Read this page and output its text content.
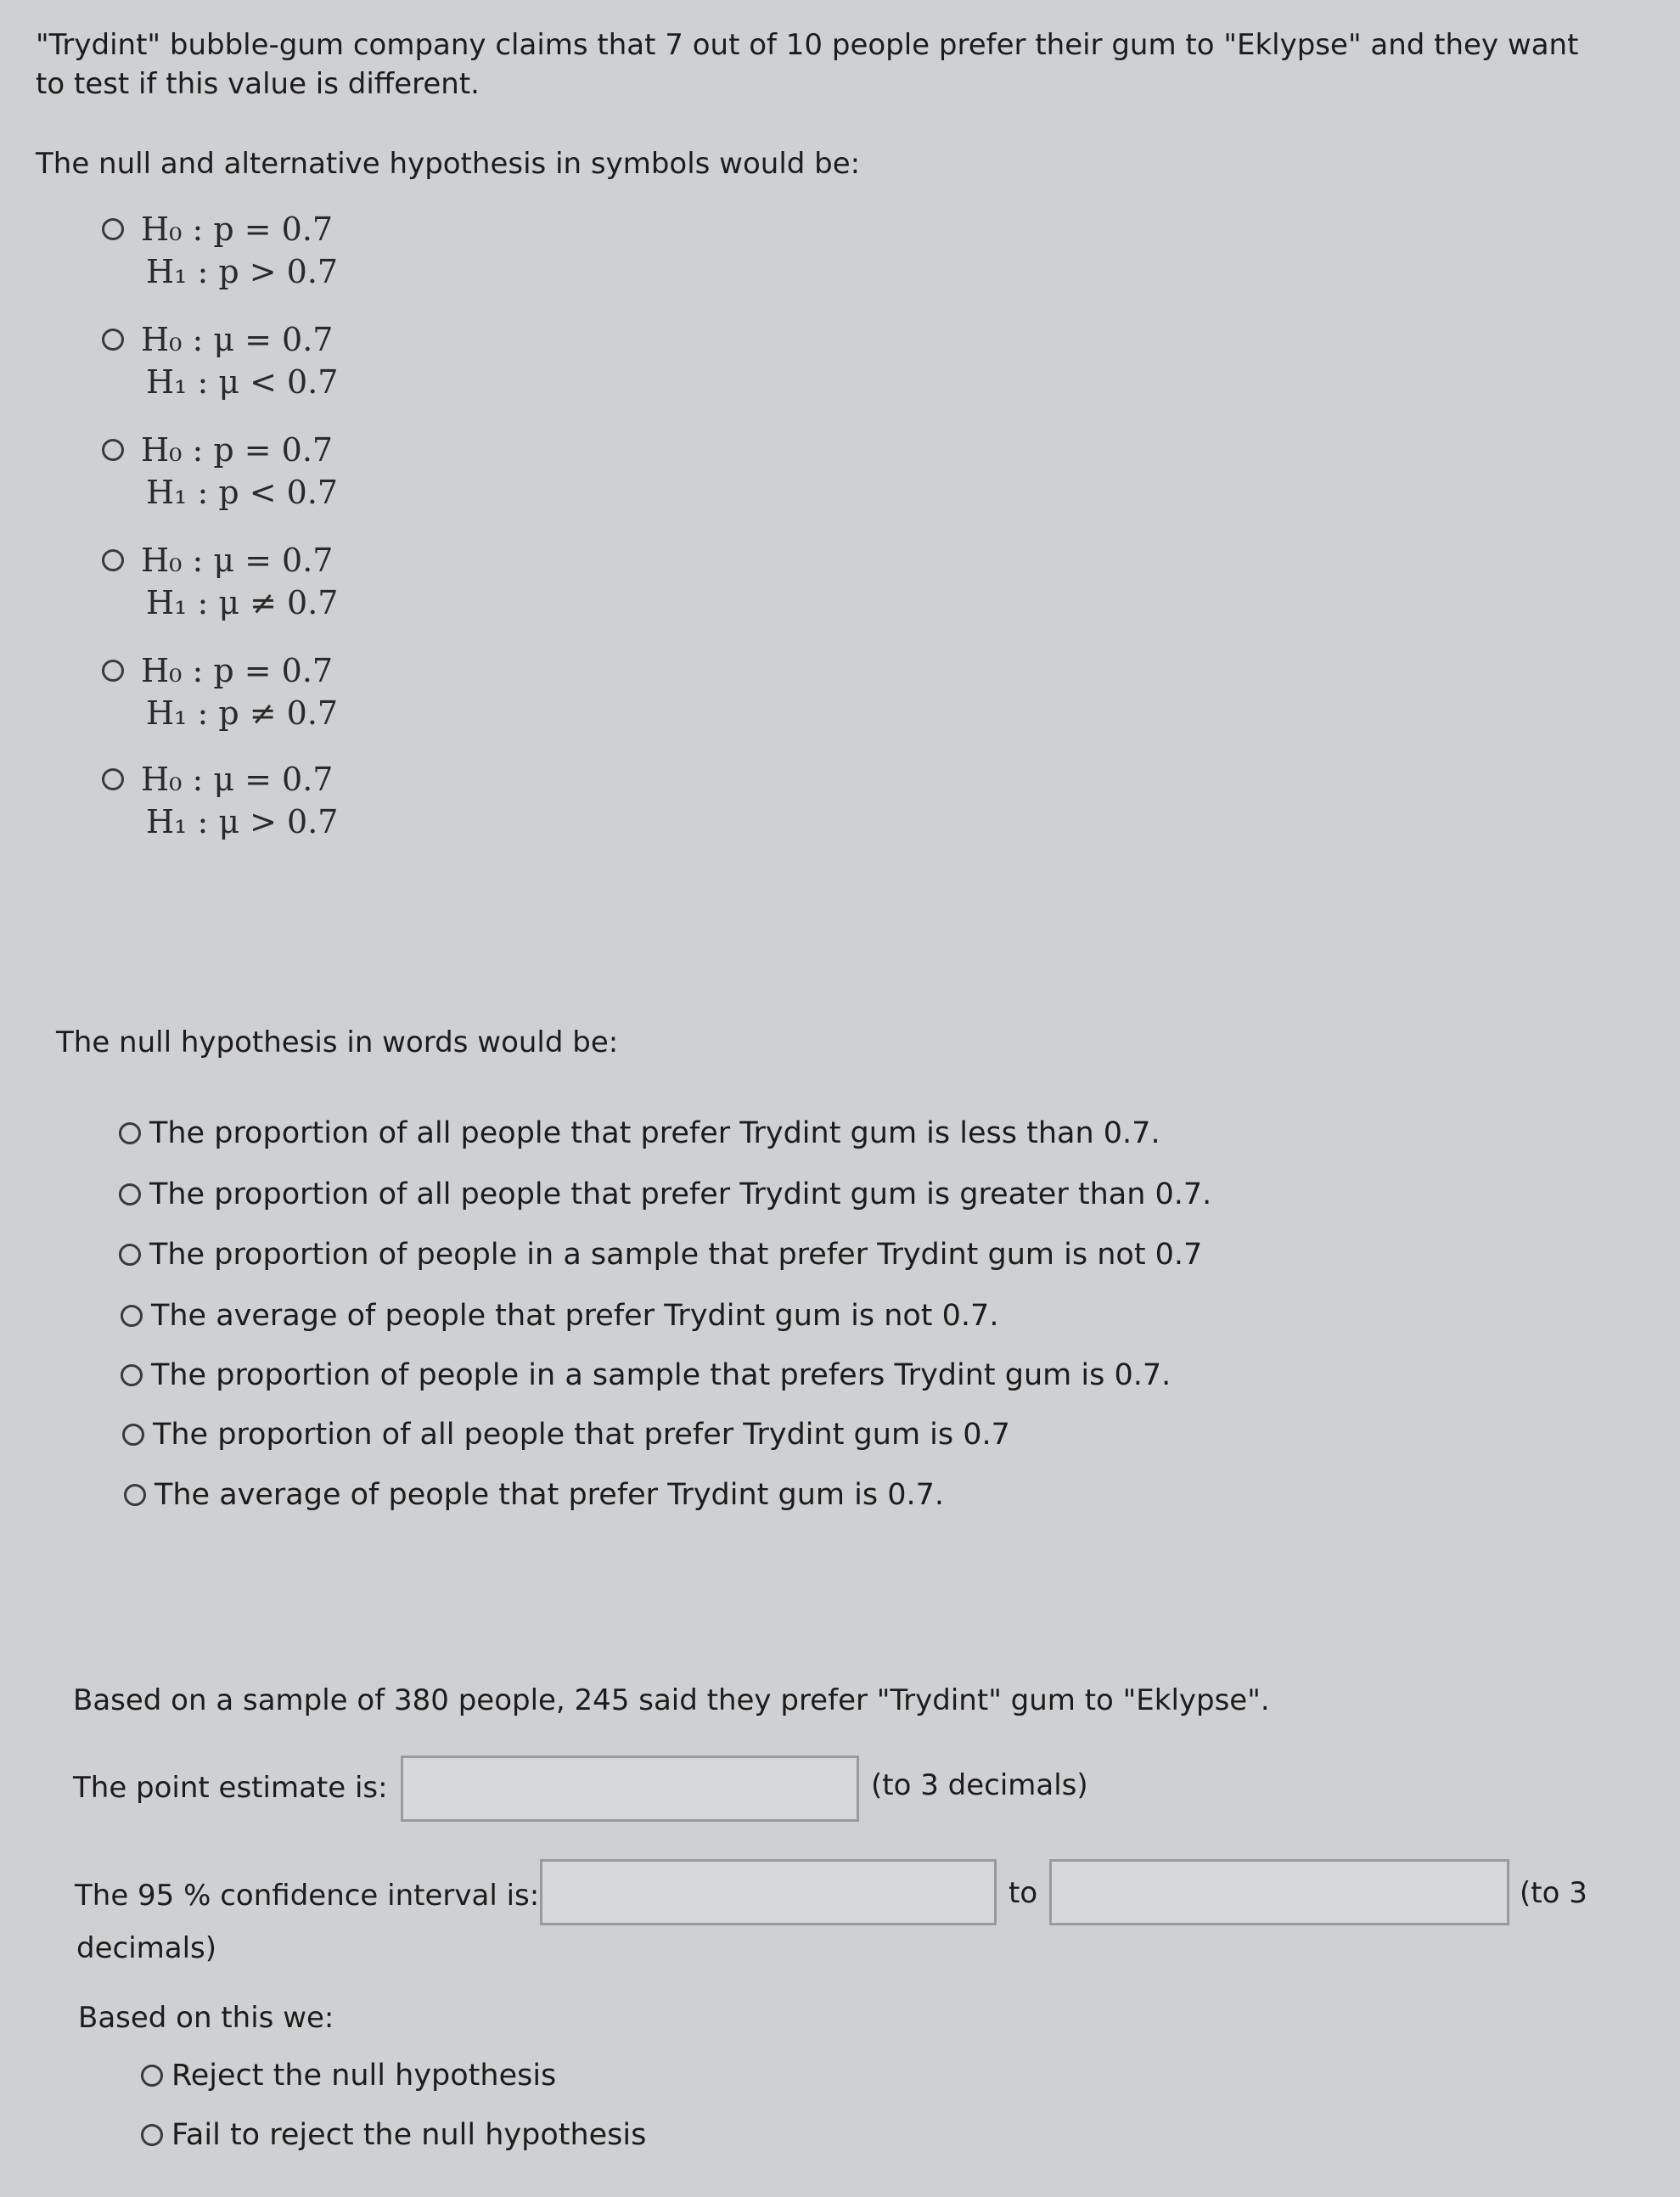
"Trydint" bubble-gum company claims that 7 out of 10 people prefer their gum to "Eklypse" and they want
to test if this value is different.
The null and alternative hypothesis in symbols would be:
H₀ : p = 0.7
H₁ : p > 0.7
H₀ : μ = 0.7
H₁ : μ < 0.7
H₀ : p = 0.7
H₁ : p < 0.7
H₀ : μ = 0.7
H₁ : μ ≠ 0.7
H₀ : p = 0.7
H₁ : p ≠ 0.7
H₀ : μ = 0.7
H₁ : μ > 0.7
The null hypothesis in words would be:
The proportion of all people that prefer Trydint gum is less than 0.7.
The proportion of all people that prefer Trydint gum is greater than 0.7.
The proportion of people in a sample that prefer Trydint gum is not 0.7
The average of people that prefer Trydint gum is not 0.7.
The proportion of people in a sample that prefers Trydint gum is 0.7.
The proportion of all people that prefer Trydint gum is 0.7
The average of people that prefer Trydint gum is 0.7.
Based on a sample of 380 people, 245 said they prefer "Trydint" gum to "Eklypse".
The point estimate is:	(to 3 decimals)
The 95 % confidence interval is:	to	(to 3
decimals)
Based on this we:
Reject the null hypothesis
Fail to reject the null hypothesis
